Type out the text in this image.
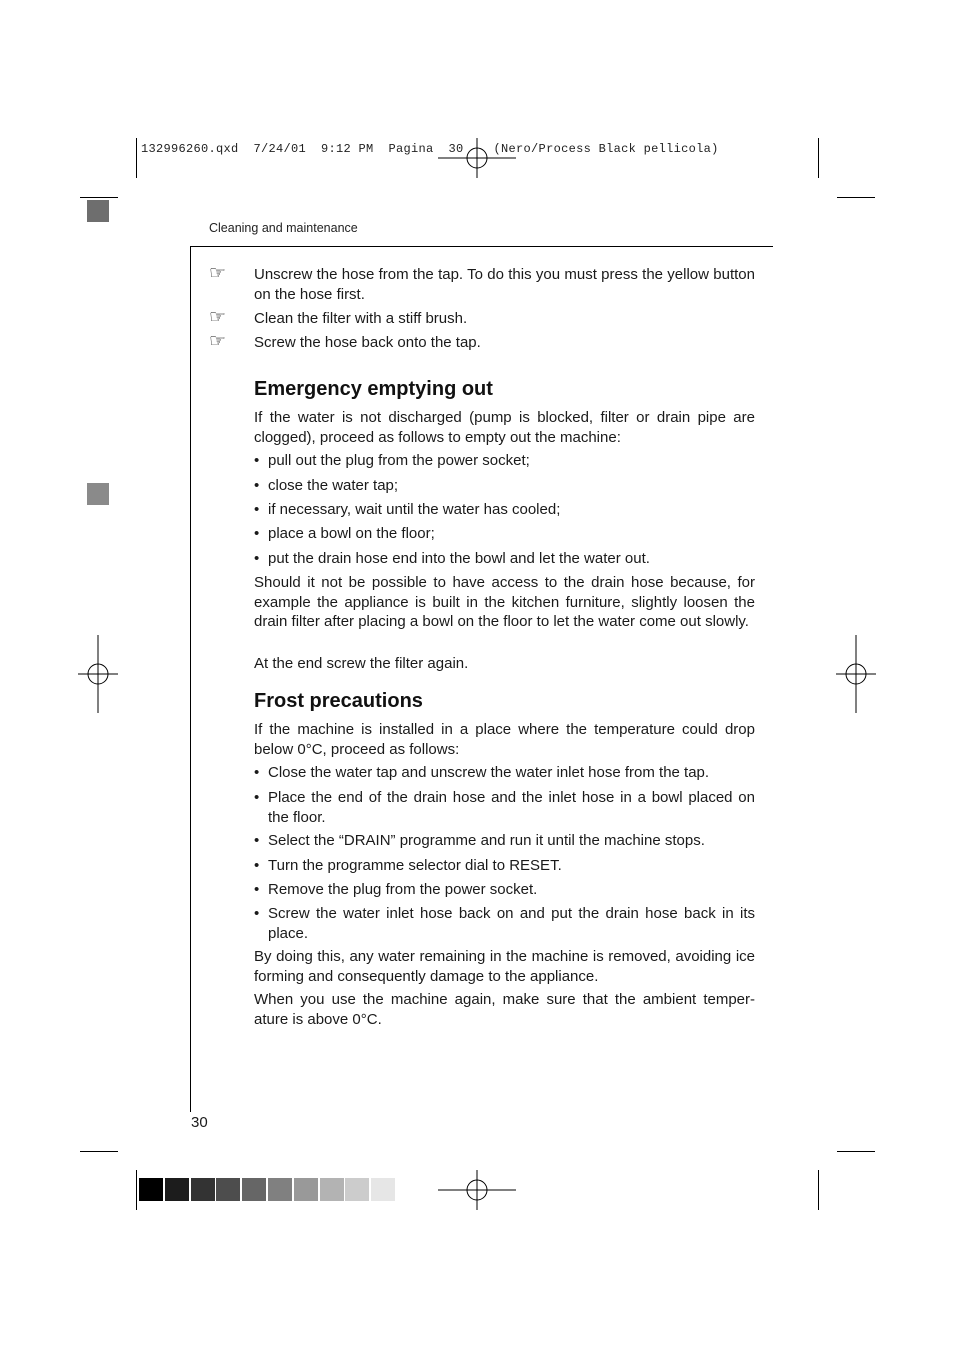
132996260.qxd  7/24/01  9:12 PM  Pagina  30    (Nero/Process Black pellicola)
Cleaning and maintenance
☞ Unscrew the hose from the tap. To do this you must press the yellow button on the hose first.
☞ Clean the filter with a stiff brush.
☞ Screw the hose back onto the tap.
Emergency emptying out
If the water is not discharged (pump is blocked, filter or drain pipe are clogged), proceed as follows to empty out the machine:
• pull out the plug from the power socket;
• close the water tap;
• if necessary, wait until the water has cooled;
• place a bowl on the floor;
• put the drain hose end into the bowl and let the water out.
Should it not be possible to have access to the drain hose because, for example the appliance is built in the kitchen furniture, slightly loosen the drain filter after placing a bowl on the floor to let the water come out slowly.
At the end screw the filter again.
Frost precautions
If the machine is installed in a place where the temperature could drop below 0°C, proceed as follows:
• Close the water tap and unscrew the water inlet hose from the tap.
• Place the end of the drain hose and the inlet hose in a bowl placed on the floor.
• Select the “DRAIN” programme and run it until the machine stops.
• Turn the programme selector dial to RESET.
• Remove the plug from the power socket.
• Screw the water inlet hose back on and put the drain hose back in its place.
By doing this, any water remaining in the machine is removed, avoiding ice forming and consequently damage to the appliance.
When you use the machine again, make sure that the ambient temper-ature is above 0°C.
30
